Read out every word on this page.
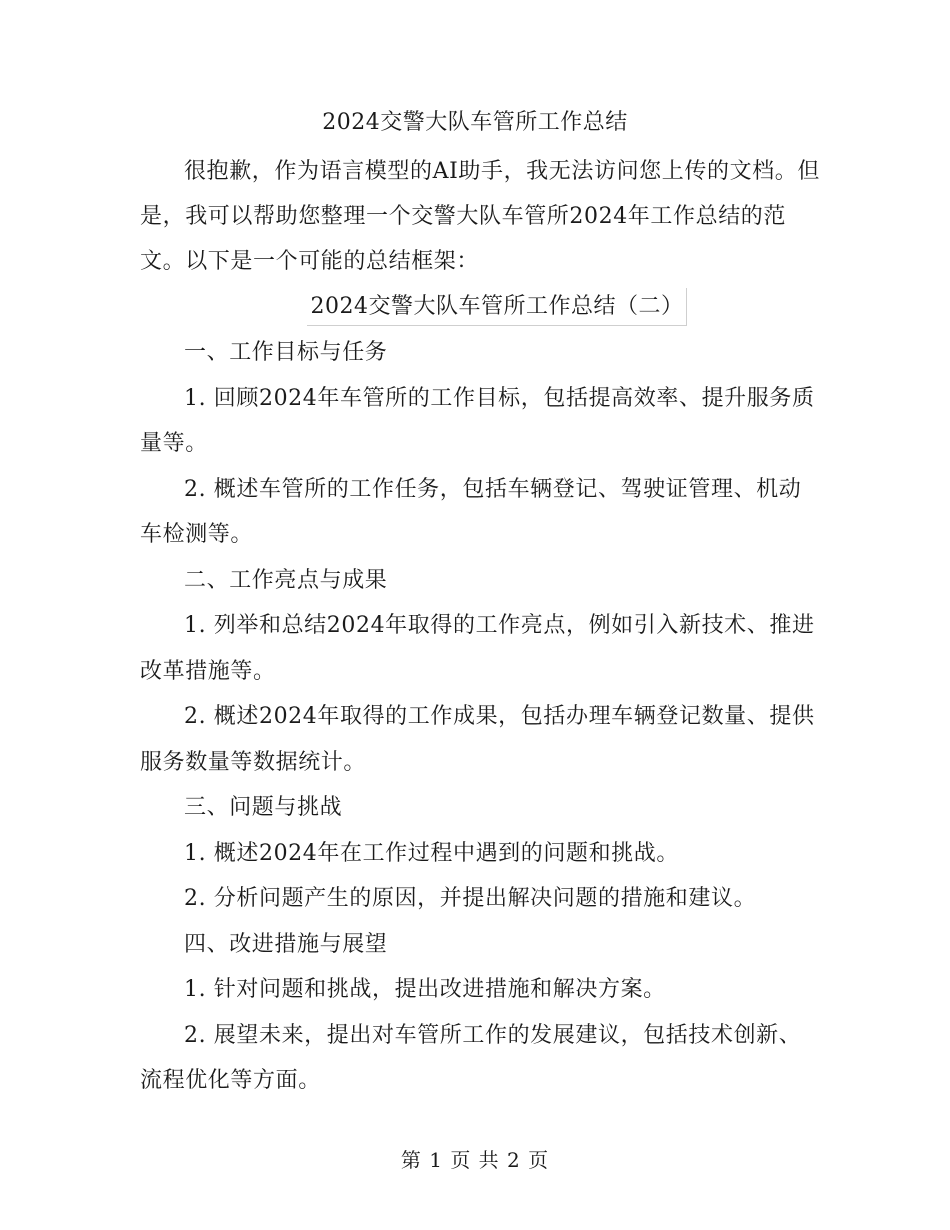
2024交警大队车管所工作总结

很抱歉，作为语言模型的AI助手，我无法访问您上传的文档。但是，我可以帮助您整理一个交警大队车管所2024年工作总结的范文。以下是一个可能的总结框架：

2024交警大队车管所工作总结（二）

一、工作目标与任务

1. 回顾2024年车管所的工作目标，包括提高效率、提升服务质量等。

2. 概述车管所的工作任务，包括车辆登记、驾驶证管理、机动车检测等。

二、工作亮点与成果

1. 列举和总结2024年取得的工作亮点，例如引入新技术、推进改革措施等。

2. 概述2024年取得的工作成果，包括办理车辆登记数量、提供服务数量等数据统计。

三、问题与挑战

1. 概述2024年在工作过程中遇到的问题和挑战。

2. 分析问题产生的原因，并提出解决问题的措施和建议。

四、改进措施与展望

1. 针对问题和挑战，提出改进措施和解决方案。

2. 展望未来，提出对车管所工作的发展建议，包括技术创新、流程优化等方面。

第 1 页 共 2 页
